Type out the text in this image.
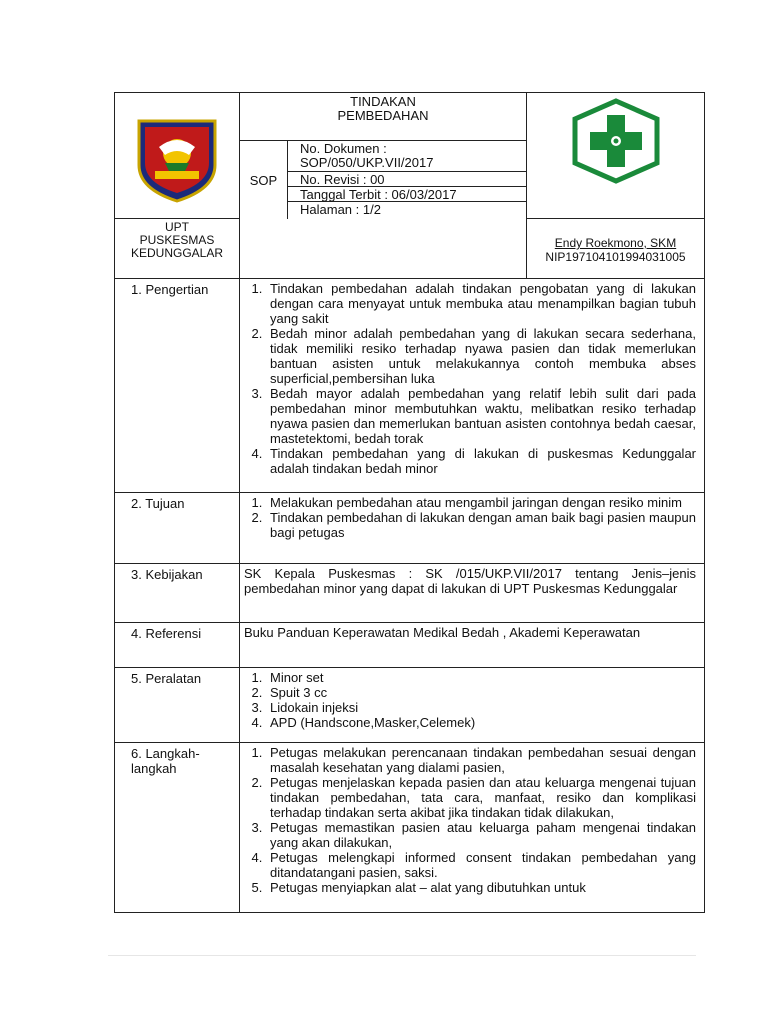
TINDAKAN
PEMBEDAHAN
SOP
No. Dokumen :
SOP/050/UKP.VII/2017
No. Revisi : 00
Tanggal Terbit : 06/03/2017
Halaman : 1/2
UPT
PUSKESMAS
KEDUNGGALAR
Endy Roekmono, SKM
NIP197104101994031005
1. Pengertian	1. Tindakan pembedahan adalah tindakan pengobatan yang di lakukan dengan cara menyayat untuk membuka atau menampilkan bagian tubuh yang sakit
2. Bedah minor adalah pembedahan yang di lakukan secara sederhana, tidak memiliki resiko terhadap nyawa pasien dan tidak memerlukan bantuan asisten untuk melakukannya contoh membuka abses superficial,pembersihan luka
3. Bedah mayor adalah pembedahan yang relatif lebih sulit dari pada pembedahan minor membutuhkan waktu, melibatkan resiko terhadap nyawa pasien dan memerlukan bantuan asisten contohnya bedah caesar, mastetektomi, bedah torak
4. Tindakan pembedahan yang di lakukan di puskesmas Kedunggalar adalah tindakan bedah minor
2. Tujuan	1. Melakukan pembedahan atau mengambil jaringan dengan resiko minim
2. Tindakan pembedahan di lakukan dengan aman baik bagi pasien maupun bagi petugas
3. Kebijakan	SK Kepala Puskesmas : SK /015/UKP.VII/2017 tentang Jenis–jenis pembedahan minor yang dapat di lakukan di UPT Puskesmas Kedunggalar
4. Referensi	Buku Panduan Keperawatan Medikal Bedah , Akademi Keperawatan
5. Peralatan	1. Minor set
2. Spuit 3 cc
3. Lidokain injeksi
4. APD (Handscone,Masker,Celemek)
6. Langkah-
langkah
1. Petugas melakukan perencanaan tindakan pembedahan sesuai dengan masalah kesehatan yang dialami pasien,
2. Petugas menjelaskan kepada pasien dan atau keluarga mengenai tujuan tindakan pembedahan, tata cara, manfaat, resiko dan komplikasi terhadap tindakan serta akibat jika tindakan tidak dilakukan,
3. Petugas memastikan pasien atau keluarga paham mengenai tindakan yang akan dilakukan,
4. Petugas melengkapi informed consent tindakan pembedahan yang ditandatangani pasien, saksi.
5. Petugas menyiapkan alat – alat yang dibutuhkan untuk
